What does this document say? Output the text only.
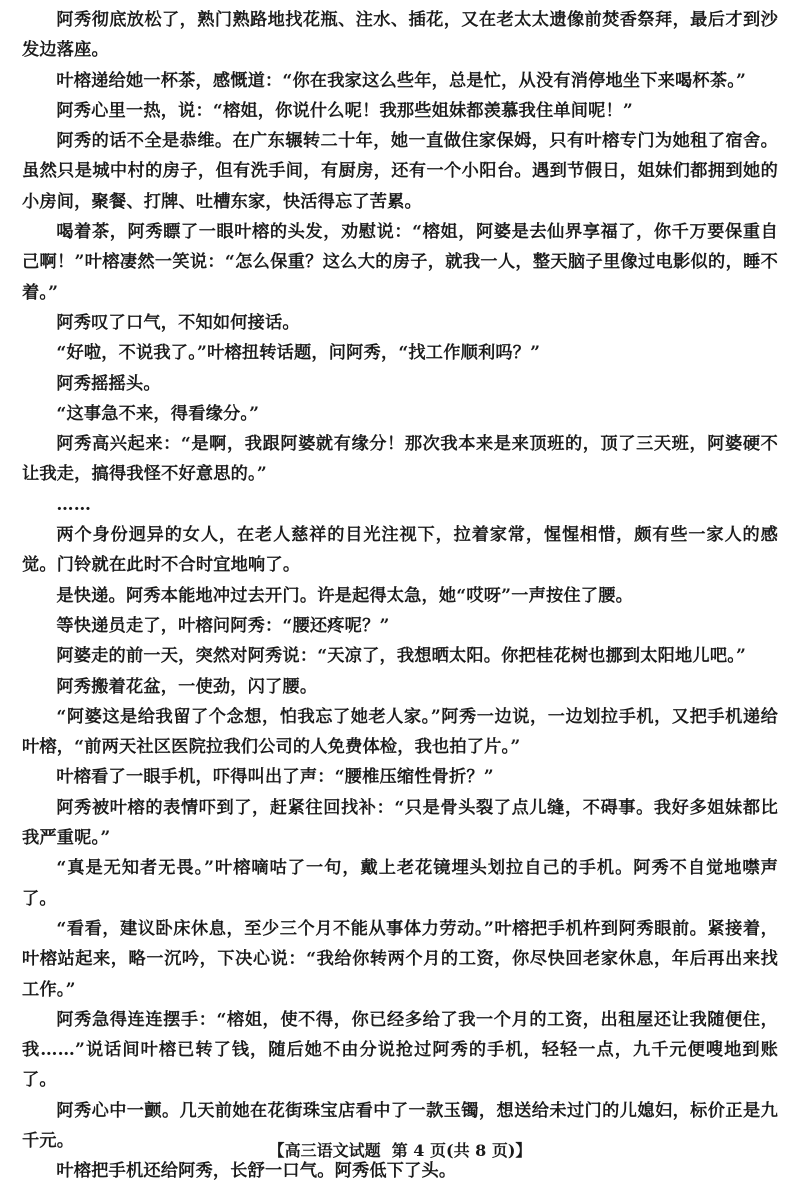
阿秀彻底放松了，熟门熟路地找花瓶、注水、插花，又在老太太遗像前焚香祭拜，最后才到沙发边落座。

叶榕递给她一杯茶，感慨道：“你在我家这么些年，总是忙，从没有消停地坐下来喝杯茶。”

阿秀心里一热，说：“榕姐，你说什么呢！我那些姐妹都羡慕我住单间呢！”

阿秀的话不全是恭维。在广东辗转二十年，她一直做住家保姆，只有叶榕专门为她租了宿舍。虽然只是城中村的房子，但有洗手间，有厨房，还有一个小阳台。遇到节假日，姐妹们都拥到她的小房间，聚餐、打牌、吐槽东家，快活得忘了苦累。

喝着茶，阿秀瞟了一眼叶榕的头发，劝慰说：“榕姐，阿婆是去仙界享福了，你千万要保重自己啊！”叶榕凄然一笑说：“怎么保重？这么大的房子，就我一人，整天脑子里像过电影似的，睡不着。”

阿秀叹了口气，不知如何接话。

“好啦，不说我了。”叶榕扭转话题，问阿秀，“找工作顺利吗？”

阿秀摇摇头。

“这事急不来，得看缘分。”

阿秀高兴起来：“是啊，我跟阿婆就有缘分！那次我本来是来顶班的，顶了三天班，阿婆硬不让我走，搞得我怪不好意思的。”

……

两个身份迥异的女人，在老人慈祥的目光注视下，拉着家常，惺惺相惜，颇有些一家人的感觉。门铃就在此时不合时宜地响了。

是快递。阿秀本能地冲过去开门。许是起得太急，她“哎呀”一声按住了腰。

等快递员走了，叶榕问阿秀：“腰还疼呢？”

阿婆走的前一天，突然对阿秀说：“天凉了，我想晒太阳。你把桂花树也挪到太阳地儿吧。”

阿秀搬着花盆，一使劲，闪了腰。

“阿婆这是给我留了个念想，怕我忘了她老人家。”阿秀一边说，一边划拉手机，又把手机递给叶榕，“前两天社区医院拉我们公司的人免费体检，我也拍了片。”

叶榕看了一眼手机，吓得叫出了声：“腰椎压缩性骨折？”

阿秀被叶榕的表情吓到了，赶紧往回找补：“只是骨头裂了点儿缝，不碍事。我好多姐妹都比我严重呢。”

“真是无知者无畏。”叶榕嘀咕了一句，戴上老花镜埋头划拉自己的手机。阿秀不自觉地噤声了。

“看看，建议卧床休息，至少三个月不能从事体力劳动。”叶榕把手机杵到阿秀眼前。紧接着，叶榕站起来，略一沉吟，下决心说：“我给你转两个月的工资，你尽快回老家休息，年后再出来找工作。”

阿秀急得连连摆手：“榕姐，使不得，你已经多给了我一个月的工资，出租屋还让我随便住，我……”说话间叶榕已转了钱，随后她不由分说抢过阿秀的手机，轻轻一点，九千元便嗖地到账了。

阿秀心中一颤。几天前她在花街珠宝店看中了一款玉镯，想送给未过门的儿媳妇，标价正是九千元。

叶榕把手机还给阿秀，长舒一口气。阿秀低下了头。

【高三语文试题 第 4 页(共 8 页)】
